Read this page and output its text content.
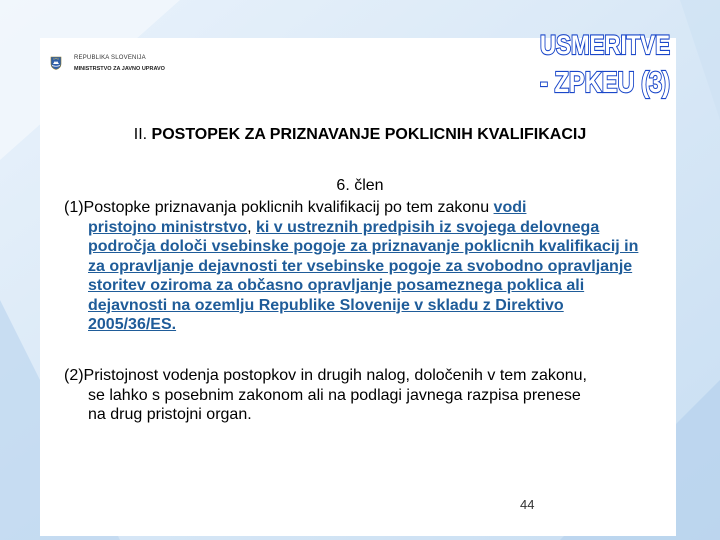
REPUBLIKA SLOVENIJA
MINISTRSTVO ZA JAVNO UPRAVO
USMERITVE
- ZPKEU (3)
II. POSTOPEK ZA PRIZNAVANJE POKLICNIH KVALIFIKACIJ
6. člen
(1)Postopke priznavanja poklicnih kvalifikacij po tem zakonu vodi
pristojno ministrstvo, ki v ustreznih predpisih iz svojega delovnega
področja določi vsebinske pogoje za priznavanje poklicnih kvalifikacij in
za opravljanje dejavnosti ter vsebinske pogoje za svobodno opravljanje
storitev oziroma za občasno opravljanje posameznega poklica ali
dejavnosti na ozemlju Republike Slovenije v skladu z Direktivo
2005/36/ES.
(2)Pristojnost vodenja postopkov in drugih nalog, določenih v tem zakonu,
se lahko s posebnim zakonom ali na podlagi javnega razpisa prenese
na drug pristojni organ.
44
